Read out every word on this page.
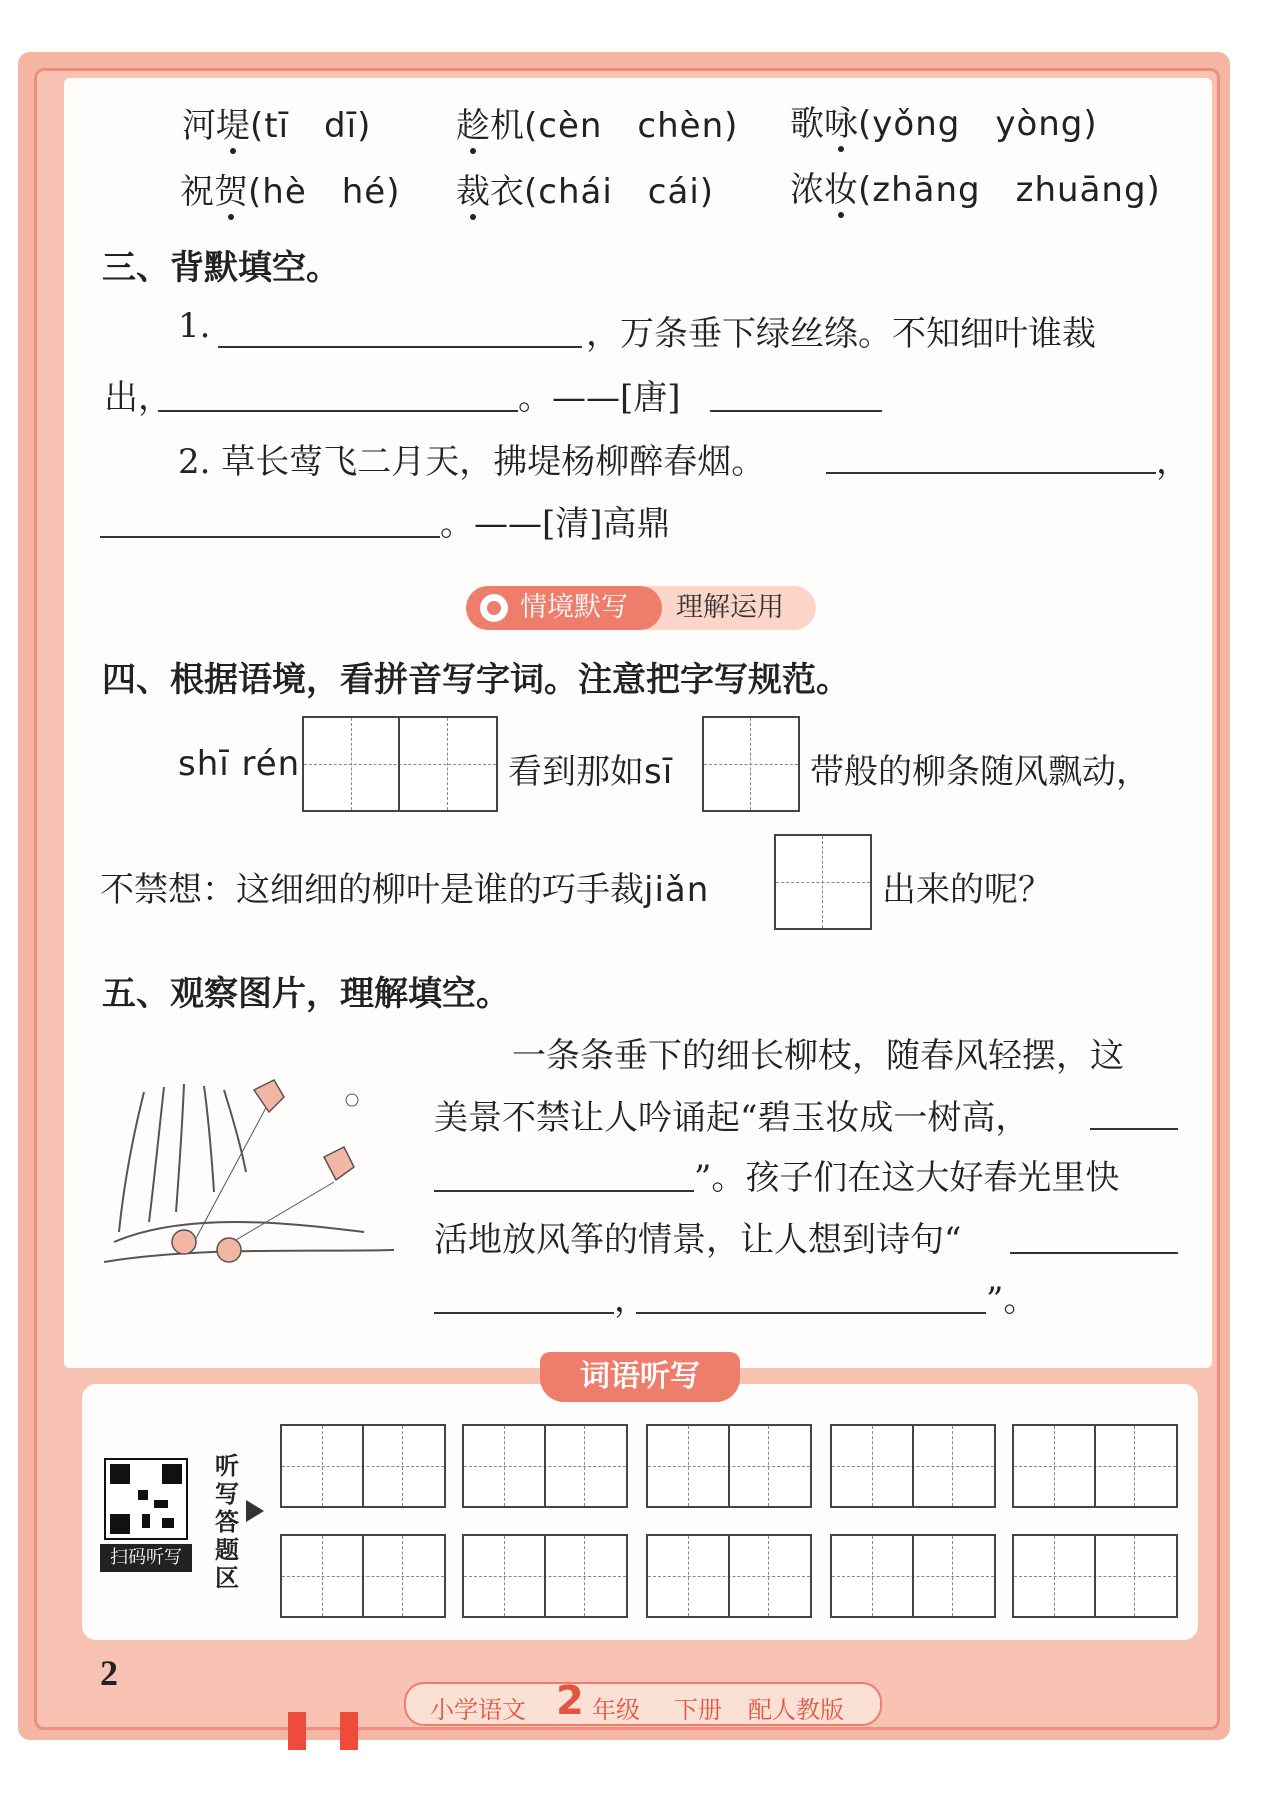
河堤(tī　dī) 趁机(cèn　chèn) 歌咏(yǒng　yòng)
祝贺(hè　hé) 裁衣(chái　cái) 浓妆(zhāng　zhuāng)
三、背默填空。
1.	，万条垂下绿丝绦。不知细叶谁裁
出，	。——[唐]
2. 草长莺飞二月天，拂堤杨柳醉春烟。	，
。——[清]高鼎
理解运用
情境默写
四、根据语境，看拼音写字词。注意把字写规范。
shī rén	看到那如sī	带般的柳条随风飘动，
不禁想：这细细的柳叶是谁的巧手裁jiǎn	出来的呢？
五、观察图片，理解填空。
一条条垂下的细长柳枝，随春风轻摆，这
美景不禁让人吟诵起“碧玉妆成一树高，
”。孩子们在这大好春光里快
活地放风筝的情景，让人想到诗句“
，	”。
词语听写
扫码听写
听写答题区
2
小学语文 2 年级 下册 配人教版
